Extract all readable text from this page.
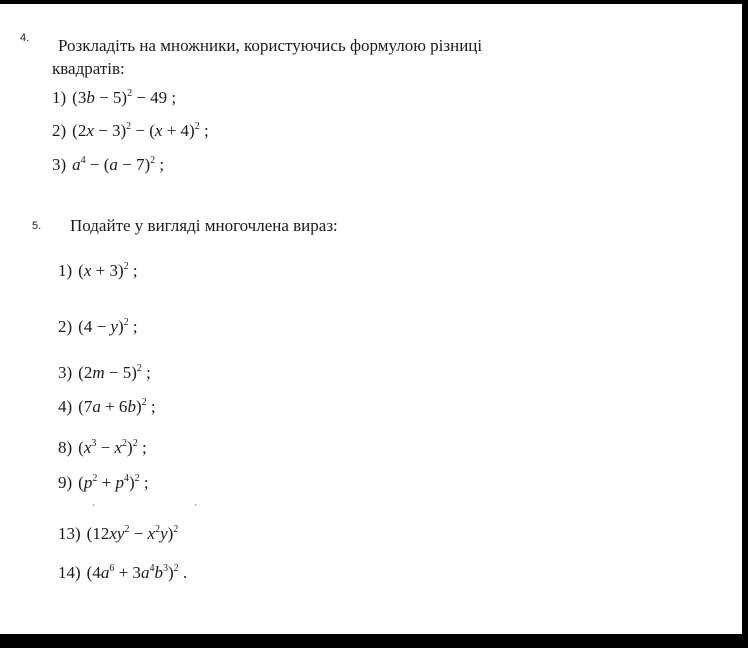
4. Розкладіть на множники, користуючись формулою різниці
квадратів:
1) $(3b - 5)^2 - 49$ ;
2) $(2x - 3)^2 - (x + 4)^2$ ;
3) $a^4 - (a - 7)^2$ ;
5. Подайте у вигляді многочлена вираз:
1) $(x + 3)^2$ ;
2) $(4 - y)^2$ ;
3) $(2m - 5)^2$ ;
4) $(7a + 6b)^2$ ;
8) $(x^3 - x^2)^2$ ;
9) $(p^2 + p^4)^2$ ;
`	ˊ
13) $(12xy^2 - x^2y)^2$
14) $(4a^6 + 3a^4b^3)^2$ .
